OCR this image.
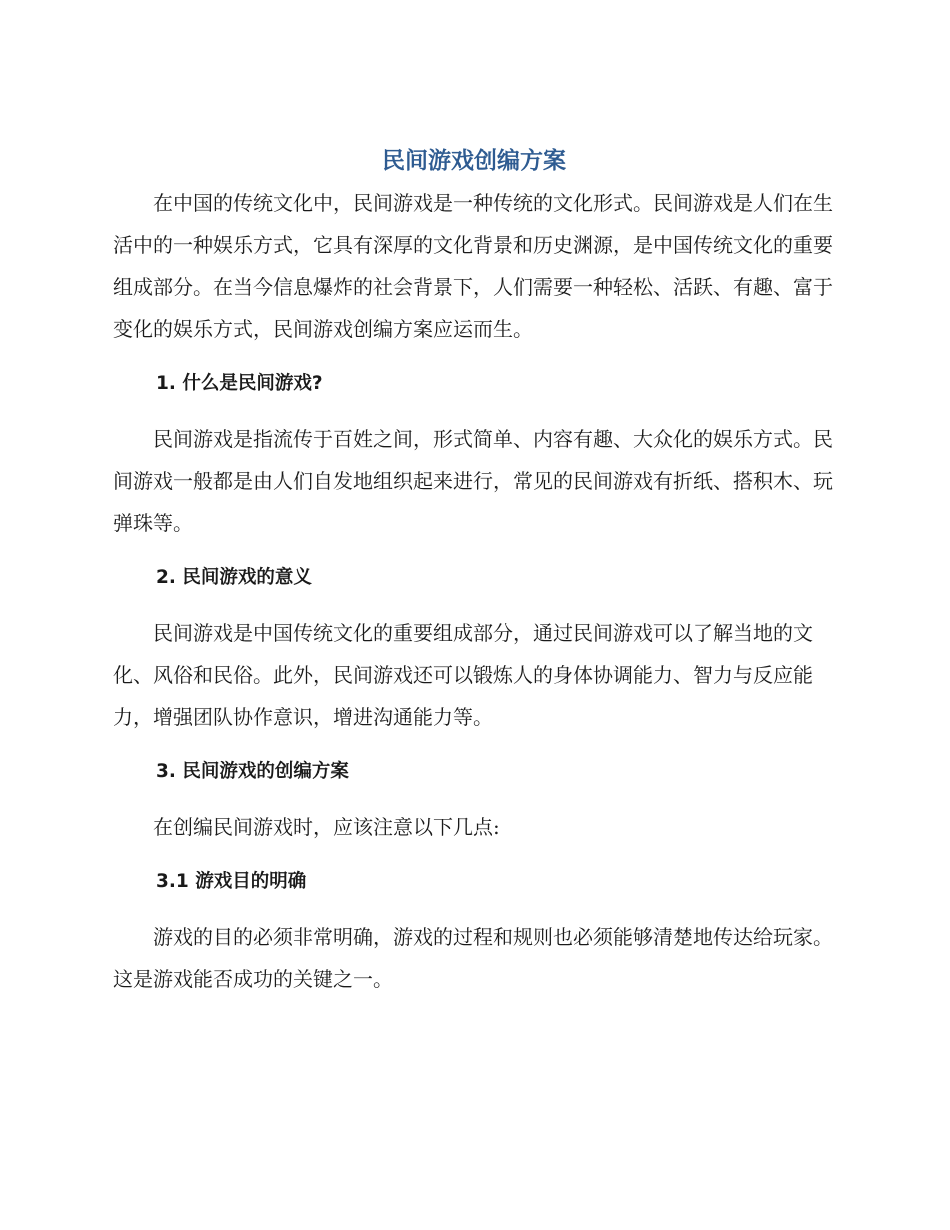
民间游戏创编方案

在中国的传统文化中，民间游戏是一种传统的文化形式。民间游戏是人们在生活中的一种娱乐方式，它具有深厚的文化背景和历史渊源，是中国传统文化的重要组成部分。在当今信息爆炸的社会背景下，人们需要一种轻松、活跃、有趣、富于变化的娱乐方式，民间游戏创编方案应运而生。

1. 什么是民间游戏?

民间游戏是指流传于百姓之间，形式简单、内容有趣、大众化的娱乐方式。民间游戏一般都是由人们自发地组织起来进行，常见的民间游戏有折纸、搭积木、玩弹珠等。

2. 民间游戏的意义

民间游戏是中国传统文化的重要组成部分，通过民间游戏可以了解当地的文化、风俗和民俗。此外，民间游戏还可以锻炼人的身体协调能力、智力与反应能力，增强团队协作意识，增进沟通能力等。

3. 民间游戏的创编方案

在创编民间游戏时，应该注意以下几点:

3.1 游戏目的明确

游戏的目的必须非常明确，游戏的过程和规则也必须能够清楚地传达给玩家。这是游戏能否成功的关键之一。
